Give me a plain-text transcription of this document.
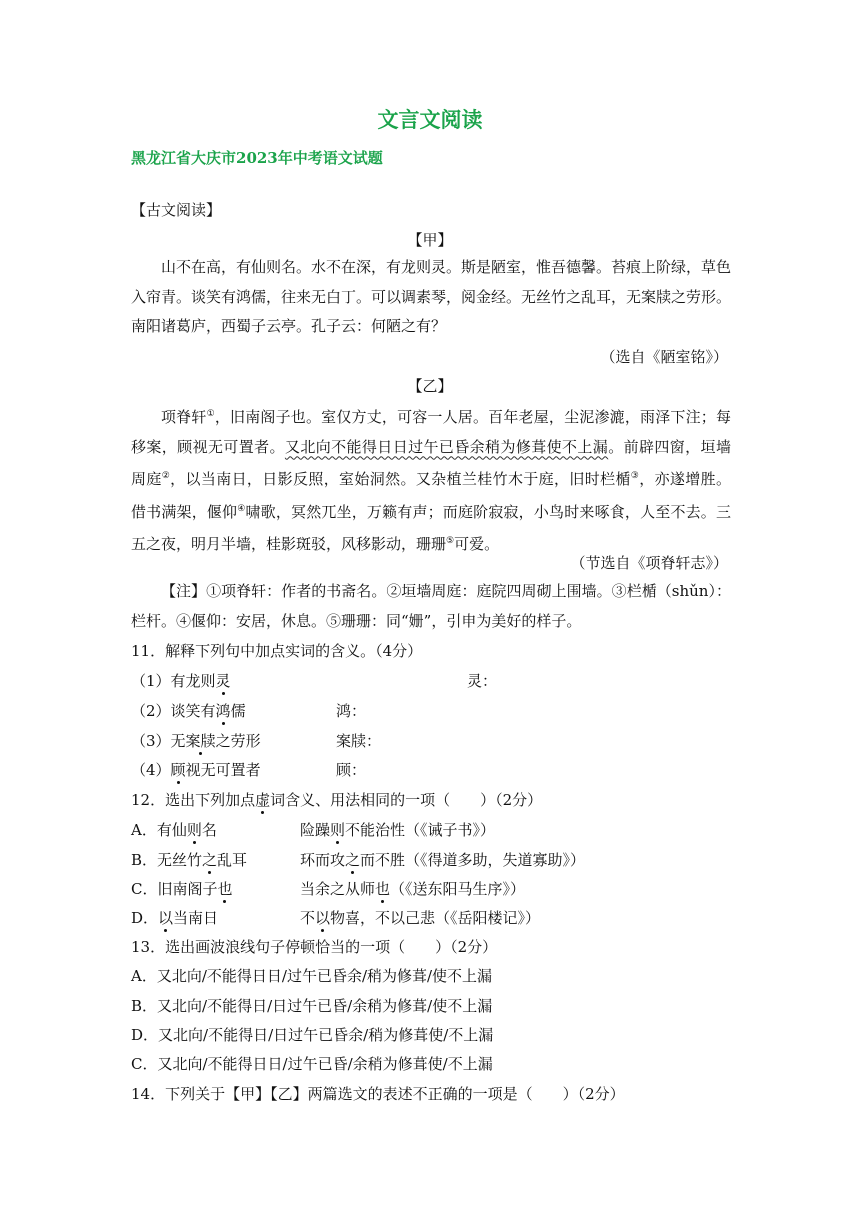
文言文阅读
黑龙江省大庆市2023年中考语文试题
【古文阅读】
【甲】
山不在高，有仙则名。水不在深，有龙则灵。斯是陋室，惟吾德馨。苔痕上阶绿，草色入帘青。谈笑有鸿儒，往来无白丁。可以调素琴，阅金经。无丝竹之乱耳，无案牍之劳形。南阳诸葛庐，西蜀子云亭。孔子云：何陋之有？
（选自《陋室铭》）
【乙】
项脊轩①，旧南阁子也。室仅方丈，可容一人居。百年老屋，尘泥渗漉，雨泽下注；每移案，顾视无可置者。又北向不能得日日过午已昏余稍为修葺使不上漏。前辟四窗，垣墙周庭②，以当南日，日影反照，室始洞然。又杂植兰桂竹木于庭，旧时栏楯③，亦遂增胜。借书满架，偃仰④啸歌，冥然兀坐，万籁有声；而庭阶寂寂，小鸟时来啄食，人至不去。三五之夜，明月半墙，桂影斑驳，风移影动，珊珊⑤可爱。
（节选自《项脊轩志》）
【注】①项脊轩：作者的书斋名。②垣墙周庭：庭院四周砌上围墙。③栏楯（shǔn）：栏杆。④偃仰：安居，休息。⑤珊珊：同“姗”，引申为美好的样子。
11．解释下列句中加点实词的含义。（4分）
（1）有龙则灵	灵：
（2）谈笑有鸿儒	鸿：
（3）无案牍之劳形	案牍：
（4）顾视无可置者	顾：
12．选出下列加点虚词含义、用法相同的一项（　　）（2分）
A．有仙则名	险躁则不能治性（《诫子书》）
B．无丝竹之乱耳	环而攻之而不胜（《得道多助，失道寡助》）
C．旧南阁子也	当余之从师也（《送东阳马生序》）
D．以当南日	不以物喜，不以己悲（《岳阳楼记》）
13．选出画波浪线句子停顿恰当的一项（　　）（2分）
A．又北向/不能得日日/过午已昏余/稍为修葺/使不上漏
B．又北向/不能得日/日过午已昏/余稍为修葺/使不上漏
D．又北向/不能得日/日过午已昏余/稍为修葺使/不上漏
C．又北向/不能得日日/过午已昏/余稍为修葺使/不上漏
14．下列关于【甲】【乙】两篇选文的表述不正确的一项是（　　）（2分）
